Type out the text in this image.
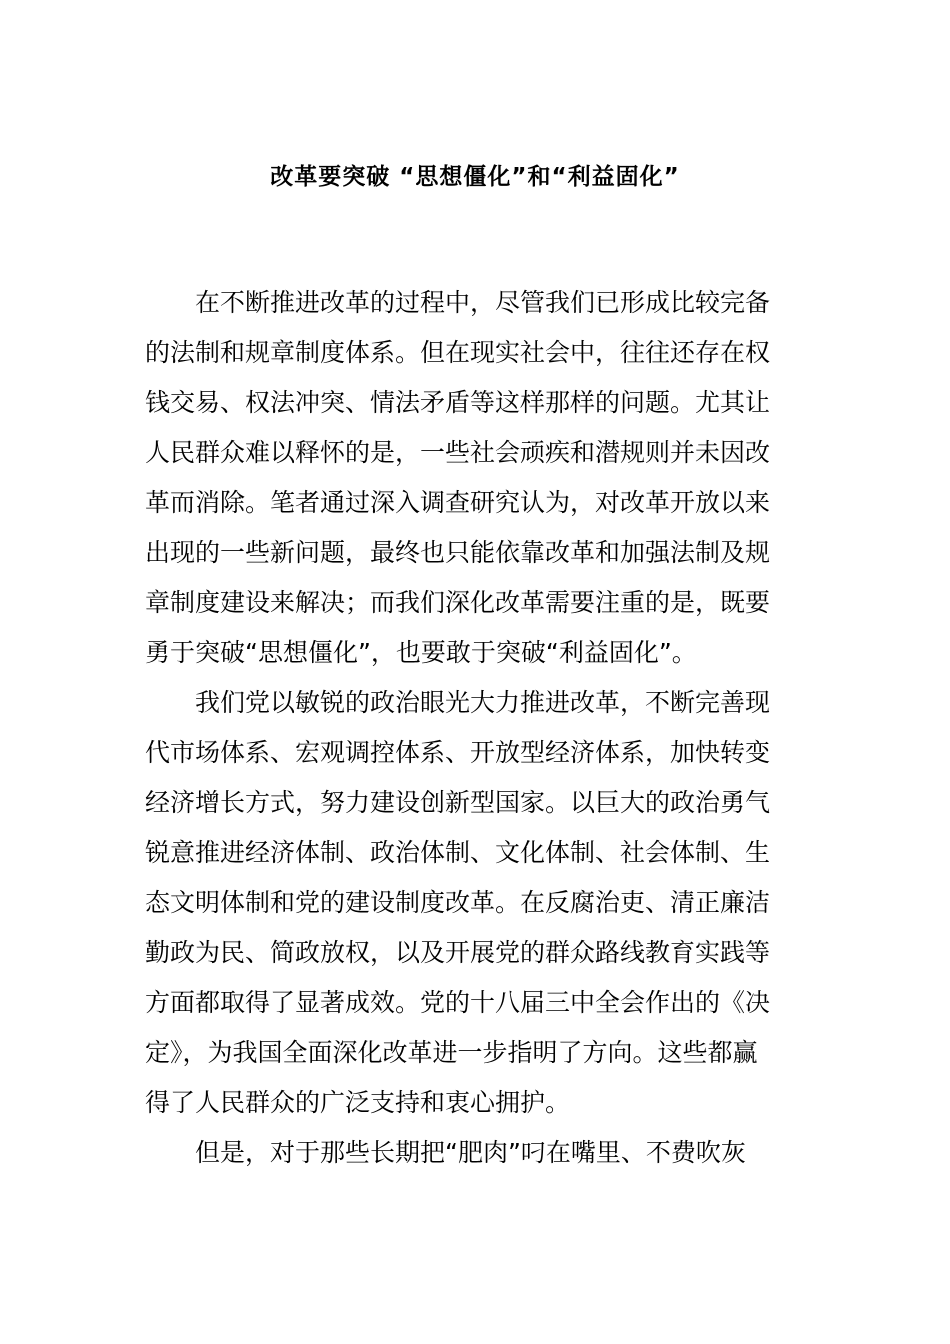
改革要突破 “思想僵化”和“利益固化”
在不断推进改革的过程中，尽管我们已形成比较完备
的法制和规章制度体系。但在现实社会中，往往还存在权
钱交易、权法冲突、情法矛盾等这样那样的问题。尤其让
人民群众难以释怀的是，一些社会顽疾和潜规则并未因改
革而消除。笔者通过深入调查研究认为，对改革开放以来
出现的一些新问题，最终也只能依靠改革和加强法制及规
章制度建设来解决；而我们深化改革需要注重的是，既要
勇于突破“思想僵化”，也要敢于突破“利益固化”。
我们党以敏锐的政治眼光大力推进改革，不断完善现
代市场体系、宏观调控体系、开放型经济体系，加快转变
经济增长方式，努力建设创新型国家。以巨大的政治勇气
锐意推进经济体制、政治体制、文化体制、社会体制、生
态文明体制和党的建设制度改革。在反腐治吏、清正廉洁
勤政为民、简政放权，以及开展党的群众路线教育实践等
方面都取得了显著成效。党的十八届三中全会作出的《决
定》，为我国全面深化改革进一步指明了方向。这些都赢
得了人民群众的广泛支持和衷心拥护。
但是，对于那些长期把“肥肉”叼在嘴里、不费吹灰
